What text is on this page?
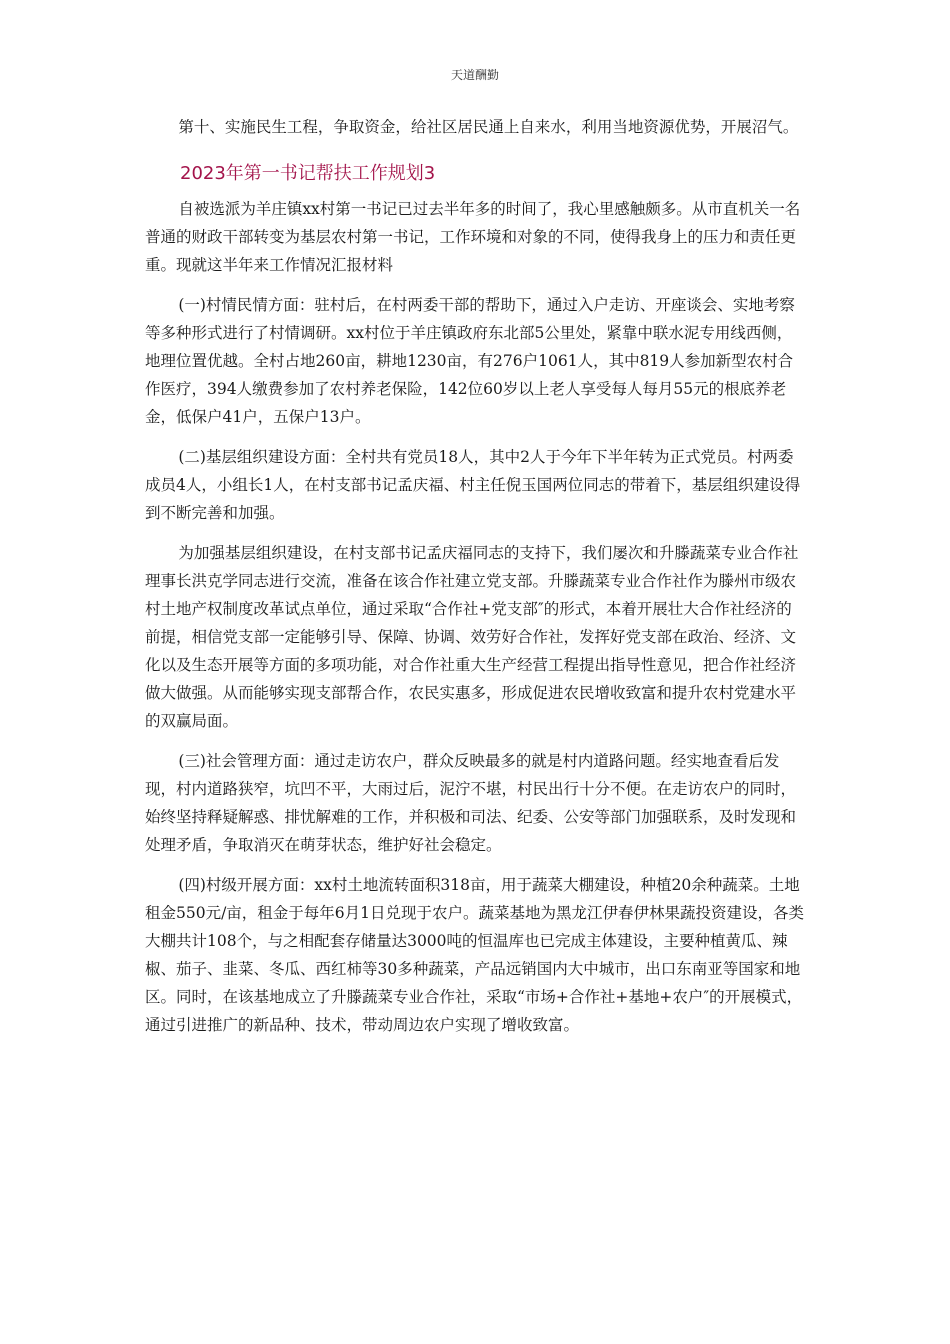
天道酬勤

第十、实施民生工程，争取资金，给社区居民通上自来水，利用当地资源优势，开展沼气。

2023年第一书记帮扶工作规划3

自被选派为羊庄镇xx村第一书记已过去半年多的时间了，我心里感触颇多。从市直机关一名普通的财政干部转变为基层农村第一书记，工作环境和对象的不同，使得我身上的压力和责任更重。现就这半年来工作情况汇报材料

(一)村情民情方面：驻村后，在村两委干部的帮助下，通过入户走访、开座谈会、实地考察等多种形式进行了村情调研。xx村位于羊庄镇政府东北部5公里处，紧靠中联水泥专用线西侧，地理位置优越。全村占地260亩，耕地1230亩，有276户1061人，其中819人参加新型农村合作医疗，394人缴费参加了农村养老保险，142位60岁以上老人享受每人每月55元的根底养老金，低保户41户，五保户13户。

(二)基层组织建设方面：全村共有党员18人，其中2人于今年下半年转为正式党员。村两委成员4人，小组长1人，在村支部书记孟庆福、村主任倪玉国两位同志的带着下，基层组织建设得到不断完善和加强。

为加强基层组织建设，在村支部书记孟庆福同志的支持下，我们屡次和升滕蔬菜专业合作社理事长洪克学同志进行交流，准备在该合作社建立党支部。升滕蔬菜专业合作社作为滕州市级农村土地产权制度改革试点单位，通过采取“合作社+党支部″的形式，本着开展壮大合作社经济的前提，相信党支部一定能够引导、保障、协调、效劳好合作社，发挥好党支部在政治、经济、文化以及生态开展等方面的多项功能，对合作社重大生产经营工程提出指导性意见，把合作社经济做大做强。从而能够实现支部帮合作，农民实惠多，形成促进农民增收致富和提升农村党建水平的双赢局面。

(三)社会管理方面：通过走访农户，群众反映最多的就是村内道路问题。经实地查看后发现，村内道路狭窄，坑凹不平，大雨过后，泥泞不堪，村民出行十分不便。在走访农户的同时，始终坚持释疑解惑、排忧解难的工作，并积极和司法、纪委、公安等部门加强联系，及时发现和处理矛盾，争取消灭在萌芽状态，维护好社会稳定。

(四)村级开展方面：xx村土地流转面积318亩，用于蔬菜大棚建设，种植20余种蔬菜。土地租金550元/亩，租金于每年6月1日兑现于农户。蔬菜基地为黑龙江伊春伊林果蔬投资建设，各类大棚共计108个，与之相配套存储量达3000吨的恒温库也已完成主体建设，主要种植黄瓜、辣椒、茄子、韭菜、冬瓜、西红柿等30多种蔬菜，产品远销国内大中城市，出口东南亚等国家和地区。同时，在该基地成立了升滕蔬菜专业合作社，采取“市场+合作社+基地+农户″的开展模式，通过引进推广的新品种、技术，带动周边农户实现了增收致富。
